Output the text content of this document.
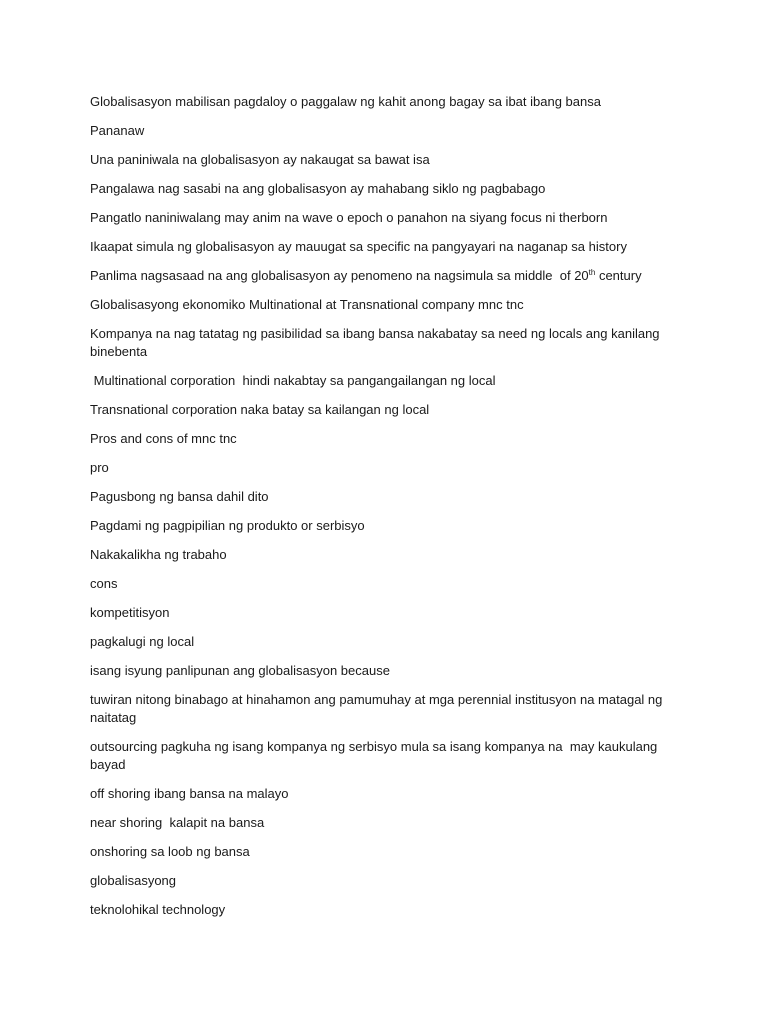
Globalisasyon mabilisan pagdaloy o paggalaw ng kahit anong bagay sa ibat ibang bansa

Pananaw

Una paniniwala na globalisasyon ay nakaugat sa bawat isa

Pangalawa nag sasabi na ang globalisasyon ay mahabang siklo ng pagbabago

Pangatlo naniniwalang may anim na wave o epoch o panahon na siyang focus ni therborn

Ikaapat simula ng globalisasyon ay mauugat sa specific na pangyayari na naganap sa history

Panlima nagsasaad na ang globalisasyon ay penomeno na nagsimula sa middle  of 20th century

Globalisasyong ekonomiko Multinational at Transnational company mnc tnc

Kompanya na nag tatatag ng pasibilidad sa ibang bansa nakabatay sa need ng locals ang kanilang binebenta

Multinational corporation  hindi nakabtay sa pangangailangan ng local

Transnational corporation naka batay sa kailangan ng local

Pros and cons of mnc tnc

pro

Pagusbong ng bansa dahil dito

Pagdami ng pagpipilian ng produkto or serbisyo

Nakakalikha ng trabaho

cons

kompetitisyon

pagkalugi ng local

isang isyung panlipunan ang globalisasyon because

tuwiran nitong binabago at hinahamon ang pamumuhay at mga perennial institusyon na matagal ng naitatag

outsourcing pagkuha ng isang kompanya ng serbisyo mula sa isang kompanya na  may kaukulang bayad

off shoring ibang bansa na malayo

near shoring  kalapit na bansa

onshoring sa loob ng bansa

globalisasyong

teknolohikal technology
